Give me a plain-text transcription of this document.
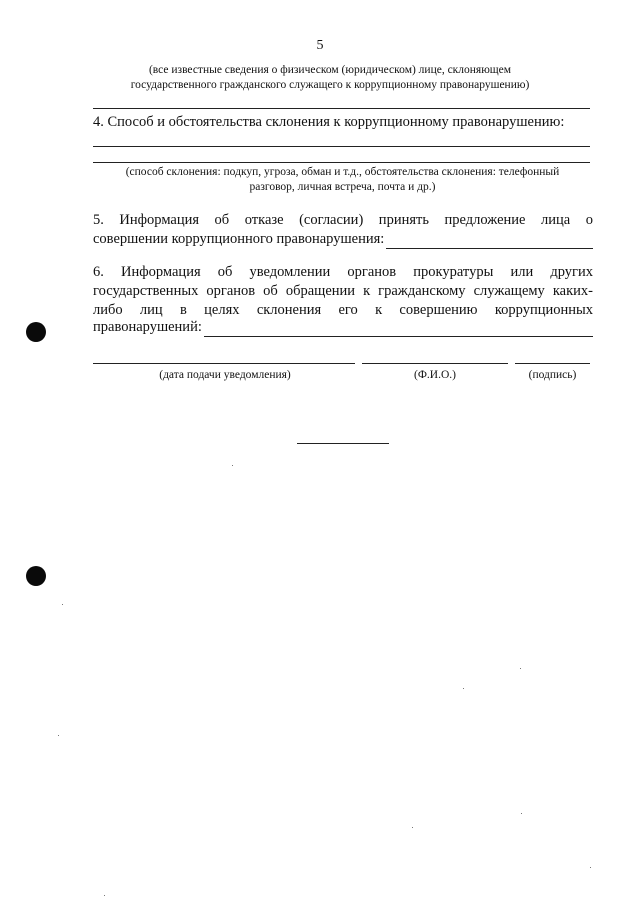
5
(все известные сведения о физическом (юридическом) лице, склоняющем
государственного гражданского служащего к коррупционному правонарушению)
4. Способ и обстоятельства склонения к коррупционному правонарушению:
(способ склонения: подкуп, угроза, обман и т.д., обстоятельства склонения: телефонный
разговор, личная встреча, почта и др.)
5. Информация об отказе (согласии) принять предложение лица о
совершении коррупционного правонарушения:
6. Информация об уведомлении органов прокуратуры или других
государственных органов об обращении к гражданскому служащему каких-
либо лиц в целях склонения его к совершению коррупционных
правонарушений:
(дата подачи уведомления)	(Ф.И.О.)	(подпись)
